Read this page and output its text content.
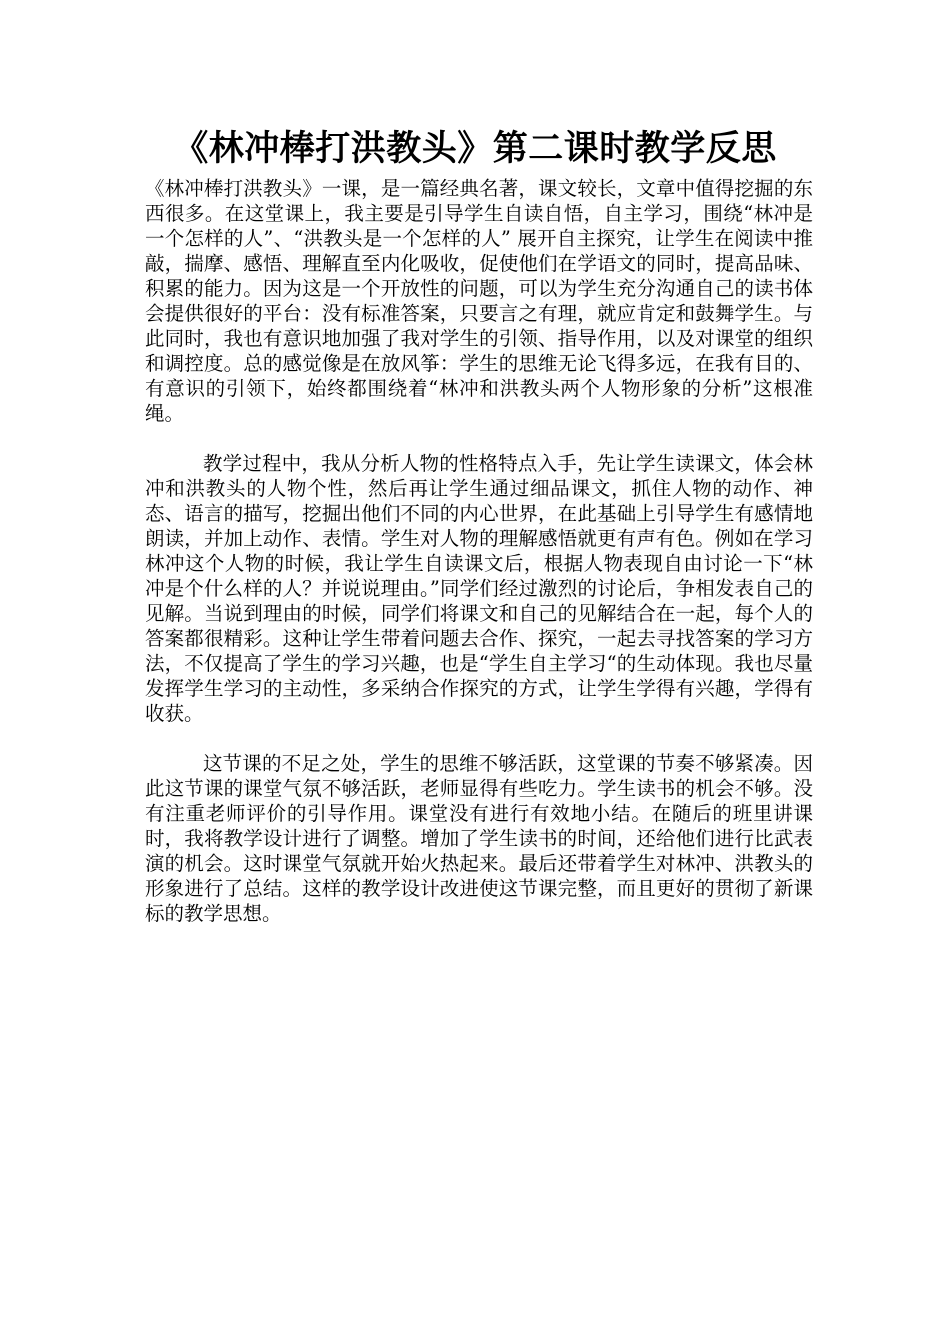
《林冲棒打洪教头》第二课时教学反思

《林冲棒打洪教头》一课，是一篇经典名著，课文较长，文章中值得挖掘的东西很多。在这堂课上，我主要是引导学生自读自悟，自主学习，围绕“林冲是一个怎样的人”、“洪教头是一个怎样的人” 展开自主探究，让学生在阅读中推敲，揣摩、感悟、理解直至内化吸收，促使他们在学语文的同时，提高品味、积累的能力。因为这是一个开放性的问题，可以为学生充分沟通自己的读书体会提供很好的平台：没有标准答案，只要言之有理，就应肯定和鼓舞学生。与此同时，我也有意识地加强了我对学生的引领、指导作用，以及对课堂的组织和调控度。总的感觉像是在放风筝：学生的思维无论飞得多远，在我有目的、有意识的引领下，始终都围绕着“林冲和洪教头两个人物形象的分析”这根准绳。

教学过程中，我从分析人物的性格特点入手，先让学生读课文，体会林冲和洪教头的人物个性，然后再让学生通过细品课文，抓住人物的动作、神态、语言的描写，挖掘出他们不同的内心世界，在此基础上引导学生有感情地朗读，并加上动作、表情。学生对人物的理解感悟就更有声有色。例如在学习林冲这个人物的时候，我让学生自读课文后，根据人物表现自由讨论一下“林冲是个什么样的人？并说说理由。”同学们经过激烈的讨论后，争相发表自己的见解。当说到理由的时候，同学们将课文和自己的见解结合在一起，每个人的答案都很精彩。这种让学生带着问题去合作、探究，一起去寻找答案的学习方法，不仅提高了学生的学习兴趣，也是“学生自主学习“的生动体现。我也尽量发挥学生学习的主动性，多采纳合作探究的方式，让学生学得有兴趣，学得有收获。

这节课的不足之处，学生的思维不够活跃，这堂课的节奏不够紧凑。因此这节课的课堂气氛不够活跃，老师显得有些吃力。学生读书的机会不够。没有注重老师评价的引导作用。课堂没有进行有效地小结。在随后的班里讲课时，我将教学设计进行了调整。增加了学生读书的时间，还给他们进行比武表演的机会。这时课堂气氛就开始火热起来。最后还带着学生对林冲、洪教头的形象进行了总结。这样的教学设计改进使这节课完整，而且更好的贯彻了新课标的教学思想。
